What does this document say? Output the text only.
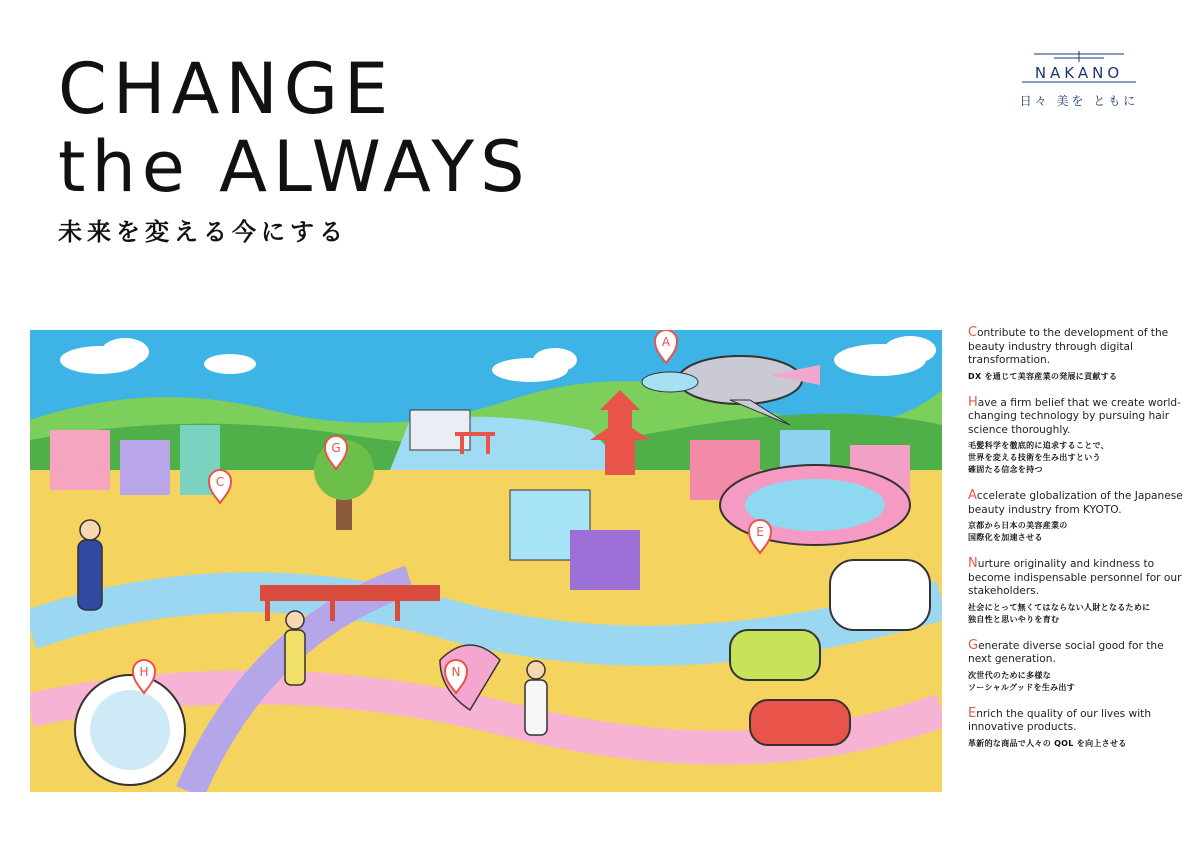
CHANGE
the ALWAYS
未来を変える今にする
NAKANO
日々 美を ともに
A
C
G
E
H	N
Contribute to the development of the beauty industry through digital transformation.
DX を通じて美容産業の発展に貢献する
Have a firm belief that we create world-changing technology by pursuing hair science thoroughly.
毛髪科学を徹底的に追求することで、
世界を変える技術を生み出すという
確固たる信念を持つ
Accelerate globalization of the Japanese beauty industry from KYOTO.
京都から日本の美容産業の
国際化を加速させる
Nurture originality and kindness to become indispensable personnel for our stakeholders.
社会にとって無くてはならない人財となるために
独自性と思いやりを育む
Generate diverse social good for the next generation.
次世代のために多様な
ソーシャルグッドを生み出す
Enrich the quality of our lives with innovative products.
革新的な商品で人々の QOL を向上させる
